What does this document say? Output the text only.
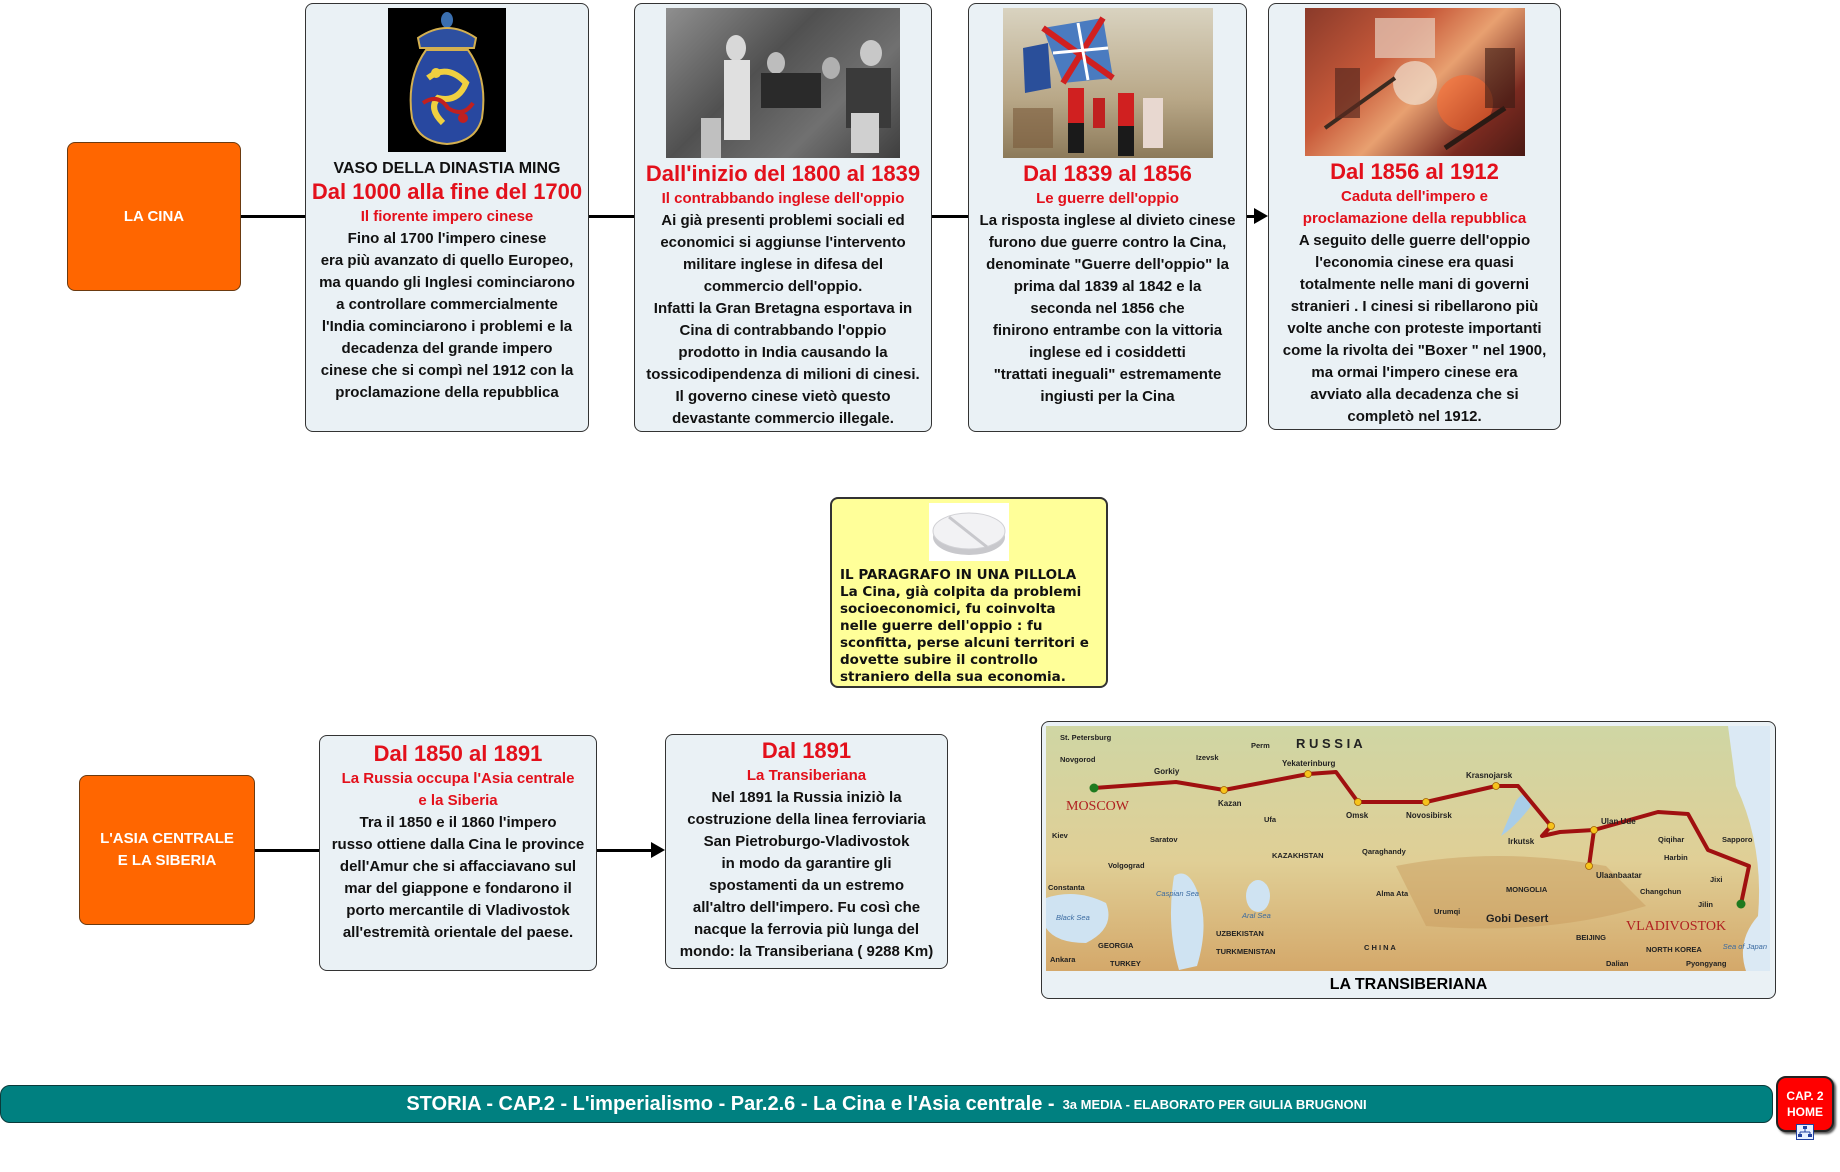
LA CINA
VASO DELLA DINASTIA MING
Dal 1000 alla fine del 1700
Il fiorente impero cinese
Fino al 1700 l'impero cinese
era più avanzato di quello Europeo,
ma quando gli Inglesi cominciarono
a controllare commercialmente
l'India cominciarono i problemi e la
decadenza del grande impero
cinese che si compì nel 1912 con la
proclamazione della repubblica
Dall'inizio del 1800 al 1839
Il contrabbando inglese dell'oppio
Ai già presenti problemi sociali ed
economici si aggiunse l'intervento
militare inglese in difesa del
commercio dell'oppio.
Infatti la Gran Bretagna esportava in
Cina di contrabbando l'oppio
prodotto in India causando la
tossicodipendenza di milioni di cinesi.
Il governo cinese vietò questo
devastante commercio illegale.
Dal 1839 al 1856
Le guerre dell'oppio
La risposta inglese al divieto cinese
furono due guerre contro la Cina,
denominate "Guerre dell'oppio" la
prima dal 1839 al 1842 e la
seconda nel 1856 che
finirono entrambe con la vittoria
inglese ed i cosiddetti
"trattati ineguali" estremamente
ingiusti per la Cina
Dal 1856 al 1912
Caduta dell'impero e
proclamazione della repubblica
A seguito delle guerre dell'oppio
l'economia cinese era quasi
totalmente nelle mani di governi
stranieri . I cinesi si ribellarono più
volte anche con proteste importanti
come la rivolta dei "Boxer " nel 1900,
ma ormai l'impero cinese era
avviato alla decadenza che si
completò nel 1912.
IL PARAGRAFO IN UNA PILLOLA
La Cina, già colpita da problemi
socioeconomici, fu coinvolta
nelle guerre dell'oppio : fu
sconfitta, perse alcuni territori e
dovette subire il controllo
straniero della sua economia.
L'ASIA CENTRALE
E LA SIBERIA
Dal 1850 al 1891
La Russia occupa l'Asia centrale
e la Siberia
Tra il 1850 e il 1860 l'impero
russo ottiene dalla Cina le province
dell'Amur che si affacciavano sul
mar del giappone e fondarono il
porto mercantile di Vladivostok
all'estremità orientale del paese.
Dal 1891
La Transiberiana
Nel 1891 la Russia iniziò la
costruzione della linea ferroviaria
San Pietroburgo-Vladivostok
in modo da garantire gli
spostamenti da un estremo
all'altro dell'impero. Fu così che
nacque la ferrovia più lunga del
mondo: la Transiberiana ( 9288 Km)
R U S S I A
MOSCOW
VLADIVOSTOK
Gorkiy
Kazan
Yekaterinburg
Omsk	Novosibirsk
Krasnojarsk
Irkutsk
Ulan Ude
Ulaanbaatar
St. Petersburg
Novgorod	Izevsk
Perm
Ufa
Saratov
Kiev
Volgograd
KAZAKHSTAN	Qaraghandy
Alma Ata
UZBEKISTAN
TURKMENISTAN
GEORGIA
TURKEY
Ankara
Constanta
Black Sea
Caspian Sea
Aral Sea
MONGOLIA
Gobi Desert
C H I N A
BEIJING
Urumqi
Qiqihar
Harbin
Changchun
Jilin
Jixi
Sapporo
NORTH KOREA
Pyongyang
Sea of Japan
Dalian
LA TRANSIBERIANA
STORIA - CAP.2 - L'imperialismo - Par.2.6 - La Cina e l'Asia centrale - 3a MEDIA - ELABORATO PER GIULIA BRUGNONI
CAP. 2
HOME
